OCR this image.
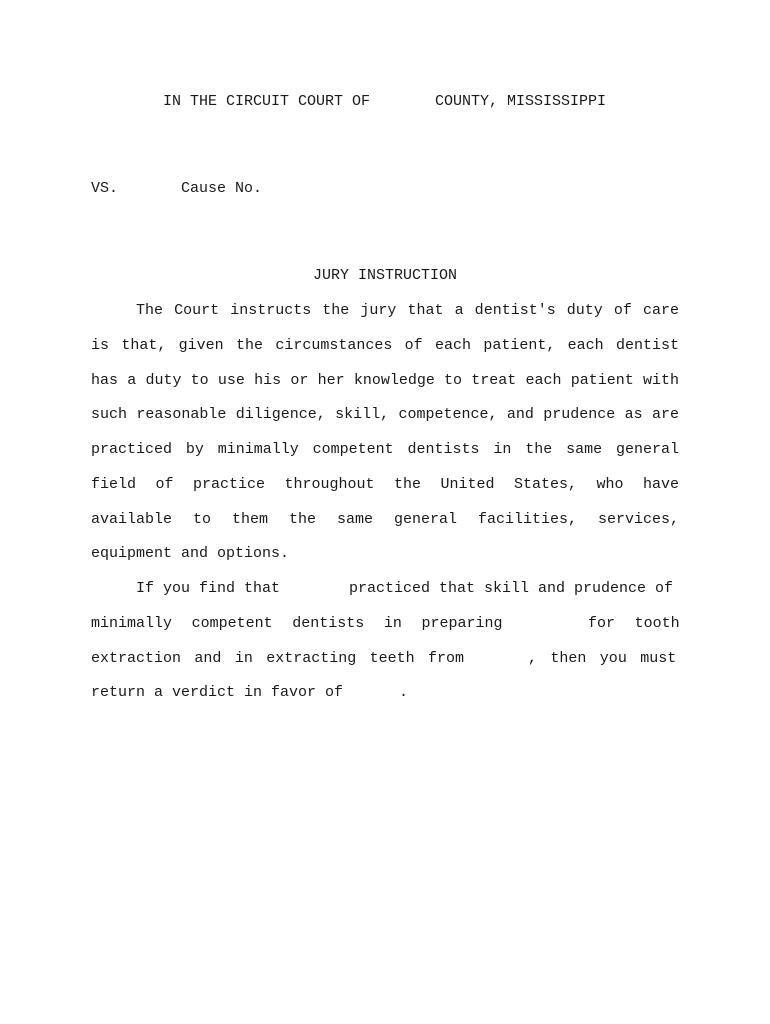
IN THE CIRCUIT COURT OF	COUNTY, MISSISSIPPI
VS.	Cause No.
JURY INSTRUCTION
The Court instructs the jury that a dentist's duty of care
is that, given the circumstances of each patient, each dentist
has a duty to use his or her knowledge to treat each patient with
such reasonable diligence, skill, competence, and prudence as are
practiced by minimally competent dentists in the same general
field of practice throughout the United States, who have
available to them the same general facilities, services,
equipment and options.
If you find that	practiced that skill and prudence of
minimally competent dentists in preparing	for tooth
extraction and in extracting teeth from	, then you must
return a verdict in favor of	.
